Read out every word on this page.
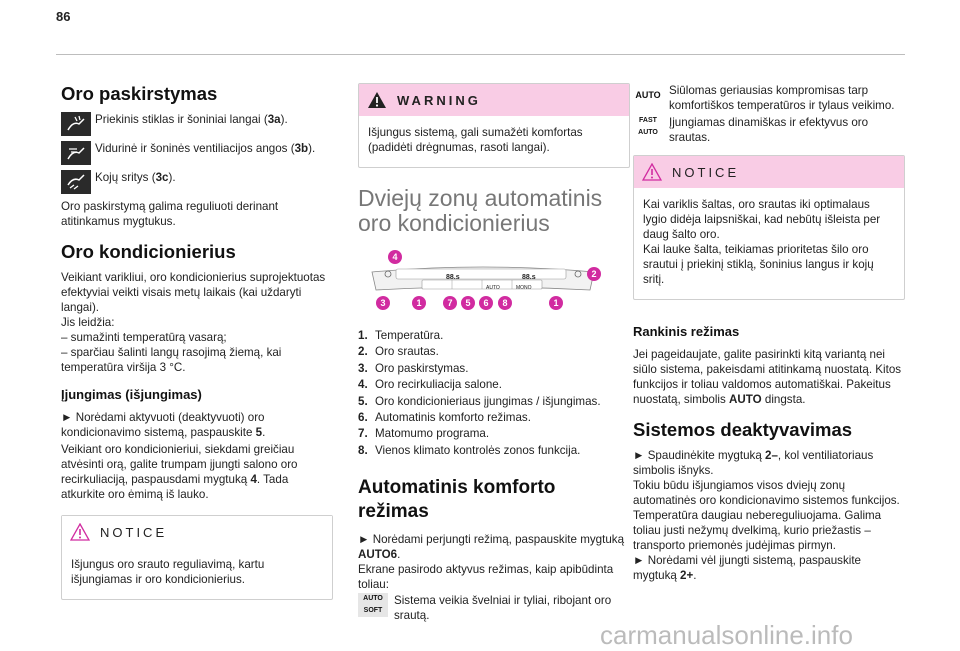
86
Oro paskirstymas

Priekinis stiklas ir šoniniai langai (3a).

Vidurinė ir šoninės ventiliacijos angos (3b).

Kojų sritys (3c).

Oro paskirstymą galima reguliuoti derinant atitinkamus mygtukus.

Oro kondicionierius

Veikiant varikliui, oro kondicionierius suprojektuotas efektyviai veikti visais metų laikais (kai uždaryti langai).

Jis leidžia:

– sumažinti temperatūrą vasarą;

– sparčiau šalinti langų rasojimą žiemą, kai temperatūra viršija 3 °C.

Įjungimas (išjungimas)

► Norėdami aktyvuoti (deaktyvuoti) oro kondicionavimo sistemą, paspauskite 5.

Veikiant oro kondicionieriui, siekdami greičiau atvėsinti orą, galite trumpam įjungti salono oro recirkuliaciją, paspausdami mygtuką 4. Tada atkurkite oro ėmimą iš lauko.

NOTICE
Išjungus oro srauto reguliavimą, kartu išjungiamas ir oro kondicionierius.
WARNING
Išjungus sistemą, gali sumažėti komfortas (padidėti drėgnumas, rasoti langai).
Dviejų zonų automatinis oro kondicionierius
88.s	88.s
AUTO	MONO
4
2
3	1	7	5	6	8	1
1. Temperatūra.
2. Oro srautas.
3. Oro paskirstymas.
4. Oro recirkuliacija salone.
5. Oro kondicionieriaus įjungimas / išjungimas.
6. Automatinis komforto režimas.
7. Matomumo programa.
8. Vienos klimato kontrolės zonos funkcija.
Automatinis komforto režimas

► Norėdami perjungti režimą, paspauskite mygtuką AUTO6.

Ekrane pasirodo aktyvus režimas, kaip apibūdinta toliau:

AUTO SOFT

Sistema veikia švelniai ir tyliai, ribojant oro srautą.

AUTO Siūlomas geriausias kompromisas tarp komfortiškos temperatūros ir tylaus veikimo.

FAST AUTO

Įjungiamas dinamiškas ir efektyvus oro srautas.

NOTICE

Kai variklis šaltas, oro srautas iki optimalaus lygio didėja laipsniškai, kad nebūtų išleista per daug šalto oro.

Kai lauke šalta, teikiamas prioritetas šilo oro srautui į priekinį stiklą, šoninius langus ir kojų sritį.

Rankinis režimas

Jei pageidaujate, galite pasirinkti kitą variantą nei siūlo sistema, pakeisdami atitinkamą nuostatą. Kitos funkcijos ir toliau valdomos automatiškai. Pakeitus nuostatą, simbolis AUTO dingsta.

Sistemos deaktyvavimas

► Spaudinėkite mygtuką 2–, kol ventiliatoriaus simbolis išnyks.

Tokiu būdu išjungiamos visos dviejų zonų automatinės oro kondicionavimo sistemos funkcijos.

Temperatūra daugiau nebereguliuojama. Galima toliau justi nežymų dvelkimą, kurio priežastis – transporto priemonės judėjimas pirmyn.

► Norėdami vėl įjungti sistemą, paspauskite mygtuką 2+.

carmanualsonline.info
